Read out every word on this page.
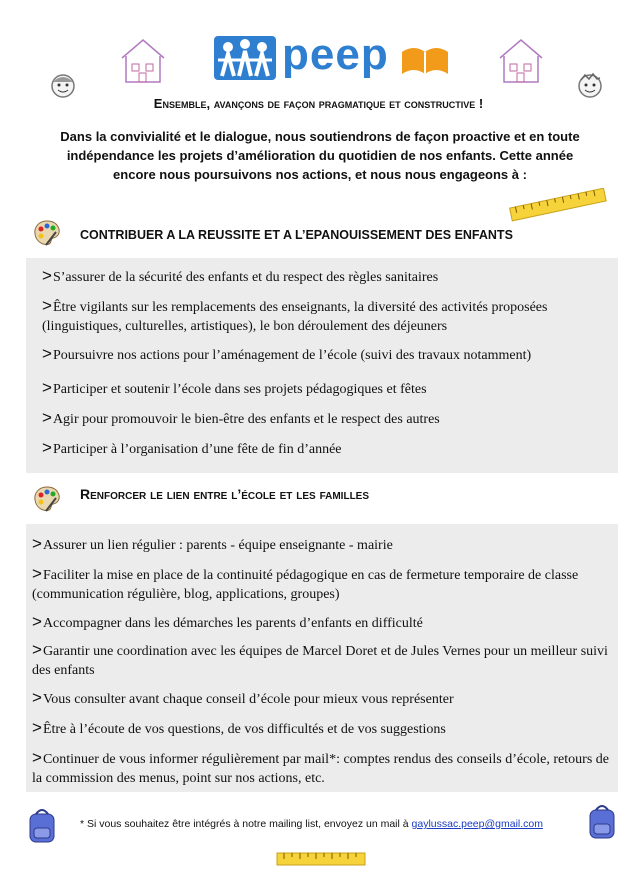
peep
Ensemble, avançons de façon pragmatique et constructive !
Dans la convivialité et le dialogue, nous soutiendrons de façon proactive et en toute indépendance les projets d’amélioration du quotidien de nos enfants. Cette année encore nous poursuivons nos actions, et nous nous engageons à :
CONTRIBUER A LA REUSSITE ET A L’EPANOUISSEMENT DES ENFANTS
>S’assurer de la sécurité des enfants et du respect des règles sanitaires
>Être vigilants sur les remplacements des enseignants, la diversité des activités proposées (linguistiques, culturelles, artistiques), le bon déroulement des déjeuners
>Poursuivre nos actions pour l’aménagement de l’école (suivi des travaux notamment)
>Participer et soutenir l’école dans ses projets pédagogiques et fêtes
>Agir pour promouvoir le bien-être des enfants et le respect des autres
>Participer à l’organisation d’une fête de fin d’année
Renforcer le lien entre l’école et les familles
>Assurer un lien régulier : parents - équipe enseignante - mairie
>Faciliter la mise en place de la continuité pédagogique en cas de fermeture temporaire de classe (communication régulière, blog, applications, groupes)
>Accompagner dans les démarches les parents d’enfants en difficulté
>Garantir une coordination avec les équipes de Marcel Doret et de Jules Vernes pour un meilleur suivi des enfants
>Vous consulter avant chaque conseil d’école pour mieux vous représenter
>Être à l’écoute de vos questions, de vos difficultés et de vos suggestions
>Continuer de vous informer régulièrement par mail*: comptes rendus des conseils d’école, retours de la commission des menus, point sur nos actions, etc.
* Si vous souhaitez être intégrés à notre mailing list, envoyez un mail à gaylussac.peep@gmail.com
